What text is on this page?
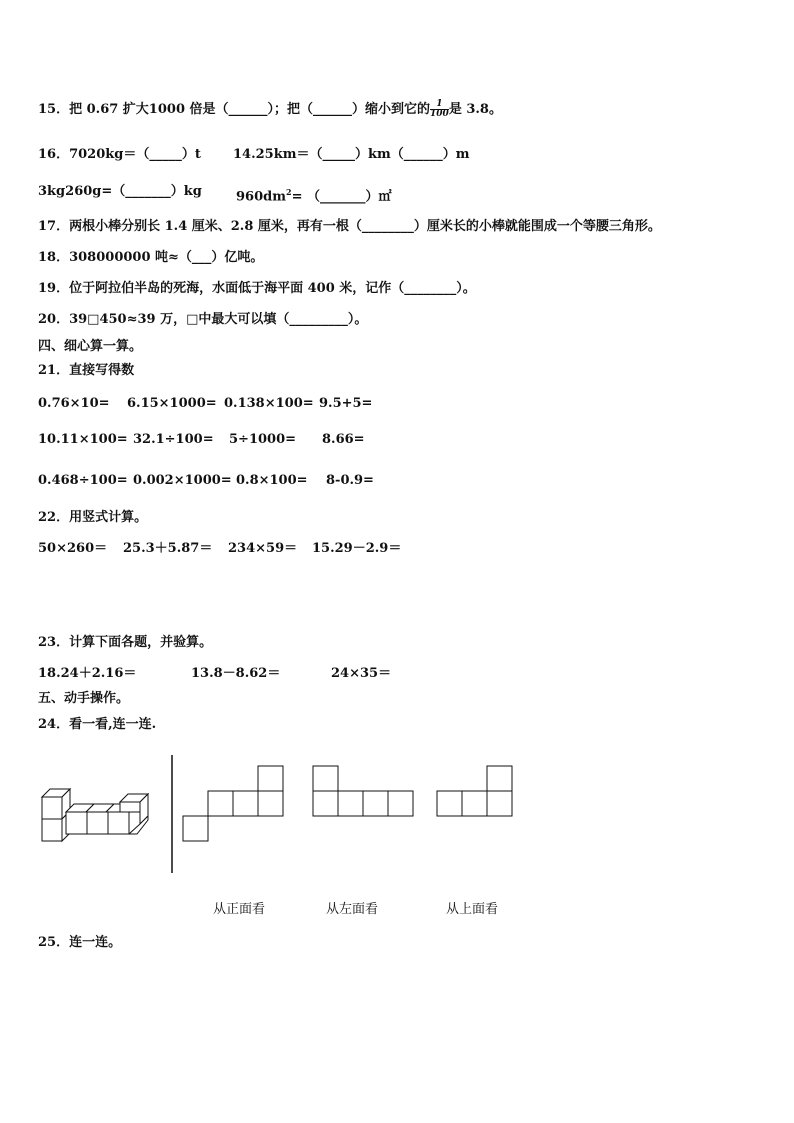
15．把 0.67 扩大1000 倍是（______）；把（______）缩小到它的 $\frac{1}{100}$ 是 3.8。
16．7020kg＝（_____）t 14.25km＝（_____）km（______）m
3kg260g=（_______）kg	$960dm^2=$ （_______）㎡
17．两根小棒分别长 1.4 厘米、2.8 厘米，再有一根（________）厘米长的小棒就能围成一个等腰三角形。
18．308000000 吨≈（___）亿吨。
19．位于阿拉伯半岛的死海，水面低于海平面 400 米，记作（________）。
20．39□450≈39 万，□中最大可以填（_________）。
四、细心算一算。
21．直接写得数
0.76×10= 6.15×1000= 0.138×100= 9.5+5=
10.11×100= 32.1÷100= 5÷1000= 8.66=
0.468÷100= 0.002×1000= 0.8×100= 8-0.9=
22．用竖式计算。
50×260＝ 25.3＋5.87＝ 234×59＝ 15.29－2.9＝
23．计算下面各题，并验算。
18.24＋2.16＝	13.8－8.62＝	24×35＝
五、动手操作。
24．看一看,连一连.
从正面看	从左面看	从上面看
25．连一连。
